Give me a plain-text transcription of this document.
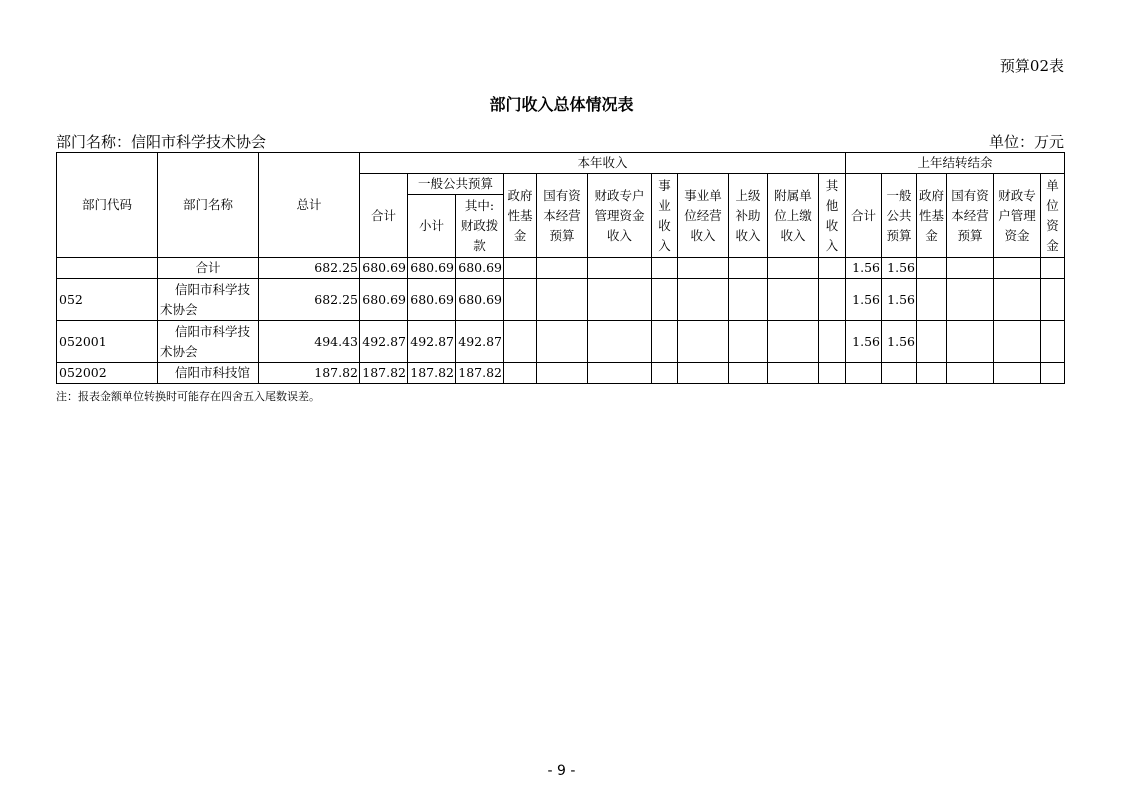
预算02表
部门收入总体情况表
部门名称：信阳市科学技术协会	单位：万元
部门代码	部门名称	总计	本年收入											上年结转结余					
			合计	一般公共预算		政府性基金	国有资本经营预算	财政专户管理资金收入	事业收入	事业单位经营收入	上级补助收入	附属单位上缴收入	其他收入	合计	一般公共预算	政府性基金	国有资本经营预算	财政专户管理资金	单位资金

				小计	其中:财政拨款														

	合计	682.25	680.69	680.69	680.69									1.56	1.56				
052	信阳市科学技术协会	682.25	680.69	680.69	680.69									1.56	1.56				
052001	信阳市科学技术协会	494.43	492.87	492.87	492.87									1.56	1.56				
052002	信阳市科技馆	187.82	187.82	187.82	187.82														
注：报表金额单位转换时可能存在四舍五入尾数误差。
- 9 -
